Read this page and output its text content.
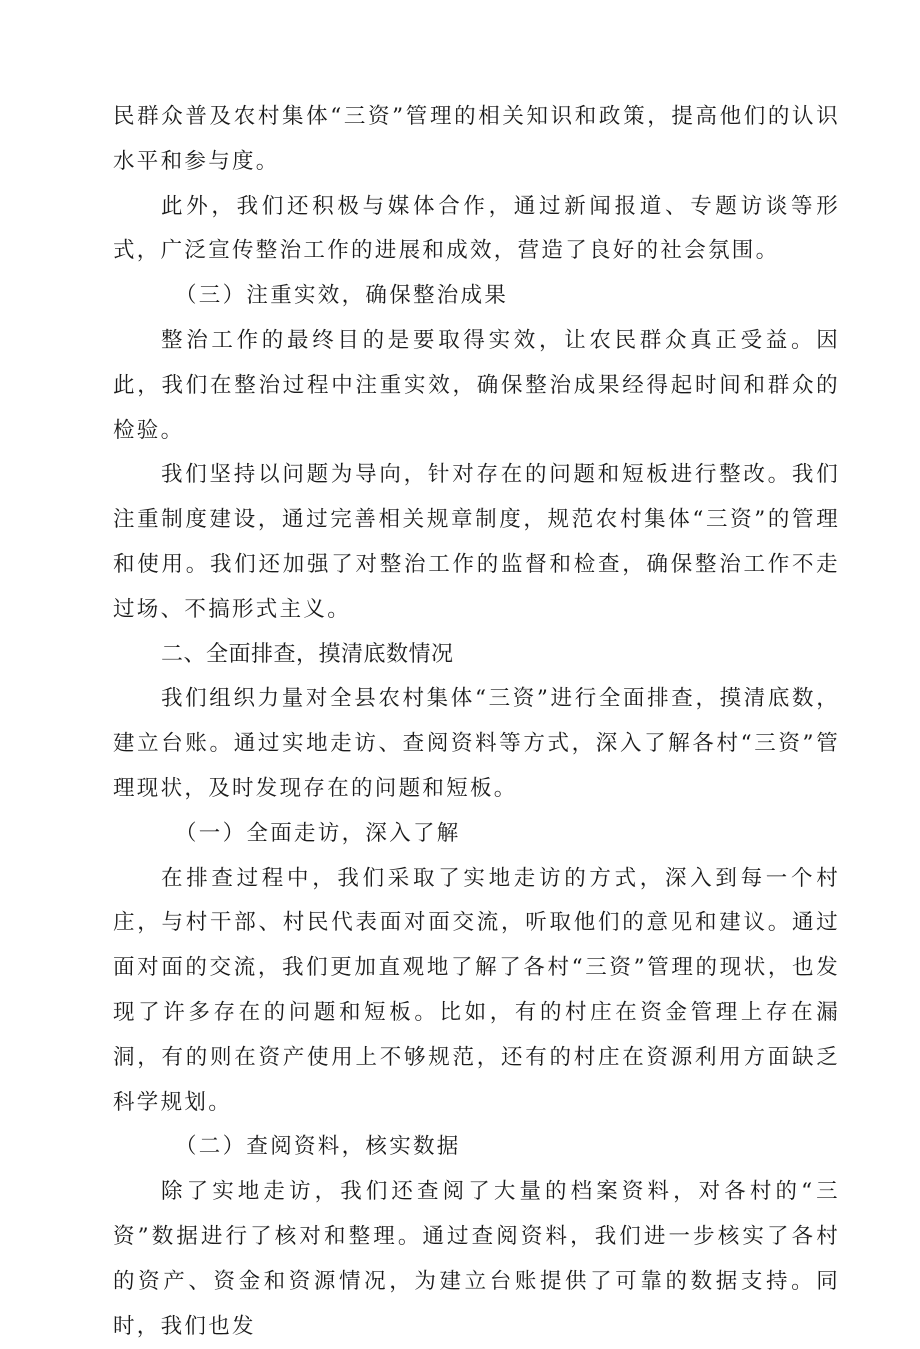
民群众普及农村集体“三资”管理的相关知识和政策，提高他们的认识水平和参与度。

此外，我们还积极与媒体合作，通过新闻报道、专题访谈等形式，广泛宣传整治工作的进展和成效，营造了良好的社会氛围。

（三）注重实效，确保整治成果

整治工作的最终目的是要取得实效，让农民群众真正受益。因此，我们在整治过程中注重实效，确保整治成果经得起时间和群众的检验。

我们坚持以问题为导向，针对存在的问题和短板进行整改。我们注重制度建设，通过完善相关规章制度，规范农村集体“三资”的管理和使用。我们还加强了对整治工作的监督和检查，确保整治工作不走过场、不搞形式主义。

二、全面排查，摸清底数情况

我们组织力量对全县农村集体“三资”进行全面排查，摸清底数，建立台账。通过实地走访、查阅资料等方式，深入了解各村“三资”管理现状，及时发现存在的问题和短板。

（一）全面走访，深入了解

在排查过程中，我们采取了实地走访的方式，深入到每一个村庄，与村干部、村民代表面对面交流，听取他们的意见和建议。通过面对面的交流，我们更加直观地了解了各村“三资”管理的现状，也发现了许多存在的问题和短板。比如，有的村庄在资金管理上存在漏洞，有的则在资产使用上不够规范，还有的村庄在资源利用方面缺乏科学规划。

（二）查阅资料，核实数据

除了实地走访，我们还查阅了大量的档案资料，对各村的“三资”数据进行了核对和整理。通过查阅资料，我们进一步核实了各村的资产、资金和资源情况，为建立台账提供了可靠的数据支持。同时，我们也发
